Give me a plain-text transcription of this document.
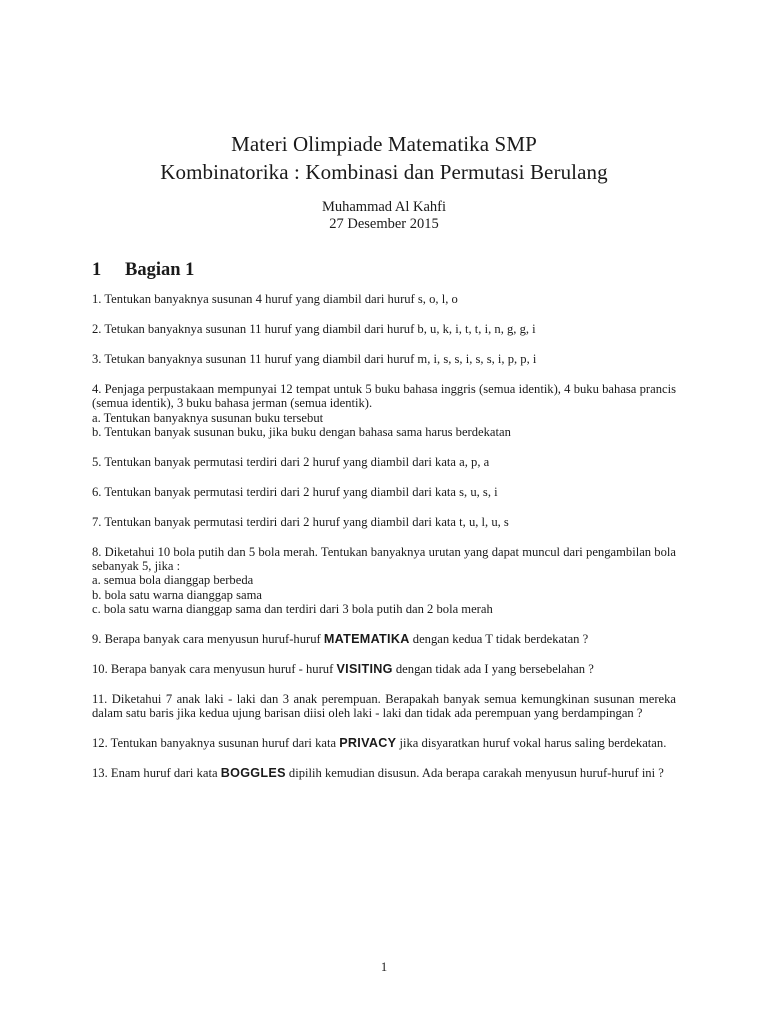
Materi Olimpiade Matematika SMP
Kombinatorika : Kombinasi dan Permutasi Berulang
Muhammad Al Kahfi
27 Desember 2015
1 Bagian 1
1. Tentukan banyaknya susunan 4 huruf yang diambil dari huruf s, o, l, o
2. Tetukan banyaknya susunan 11 huruf yang diambil dari huruf b, u, k, i, t, t, i, n, g, g, i
3. Tetukan banyaknya susunan 11 huruf yang diambil dari huruf m, i, s, s, i, s, s, i, p, p, i
4. Penjaga perpustakaan mempunyai 12 tempat untuk 5 buku bahasa inggris (semua identik), 4 buku bahasa prancis (semua identik), 3 buku bahasa jerman (semua identik).
a. Tentukan banyaknya susunan buku tersebut
b. Tentukan banyak susunan buku, jika buku dengan bahasa sama harus berdekatan
5. Tentukan banyak permutasi terdiri dari 2 huruf yang diambil dari kata a, p, a
6. Tentukan banyak permutasi terdiri dari 2 huruf yang diambil dari kata s, u, s, i
7. Tentukan banyak permutasi terdiri dari 2 huruf yang diambil dari kata t, u, l, u, s
8. Diketahui 10 bola putih dan 5 bola merah. Tentukan banyaknya urutan yang dapat muncul dari pengambilan bola sebanyak 5, jika :
a. semua bola dianggap berbeda
b. bola satu warna dianggap sama
c. bola satu warna dianggap sama dan terdiri dari 3 bola putih dan 2 bola merah
9. Berapa banyak cara menyusun huruf-huruf MATEMATIKA dengan kedua T tidak berdekatan ?
10. Berapa banyak cara menyusun huruf - huruf VISITING dengan tidak ada I yang bersebelahan ?
11. Diketahui 7 anak laki - laki dan 3 anak perempuan. Berapakah banyak semua kemungkinan susunan mereka dalam satu baris jika kedua ujung barisan diisi oleh laki - laki dan tidak ada perempuan yang berdampingan ?
12. Tentukan banyaknya susunan huruf dari kata PRIVACY jika disyaratkan huruf vokal harus saling berdekatan.
13. Enam huruf dari kata BOGGLES dipilih kemudian disusun. Ada berapa carakah menyusun huruf-huruf ini ?
1
